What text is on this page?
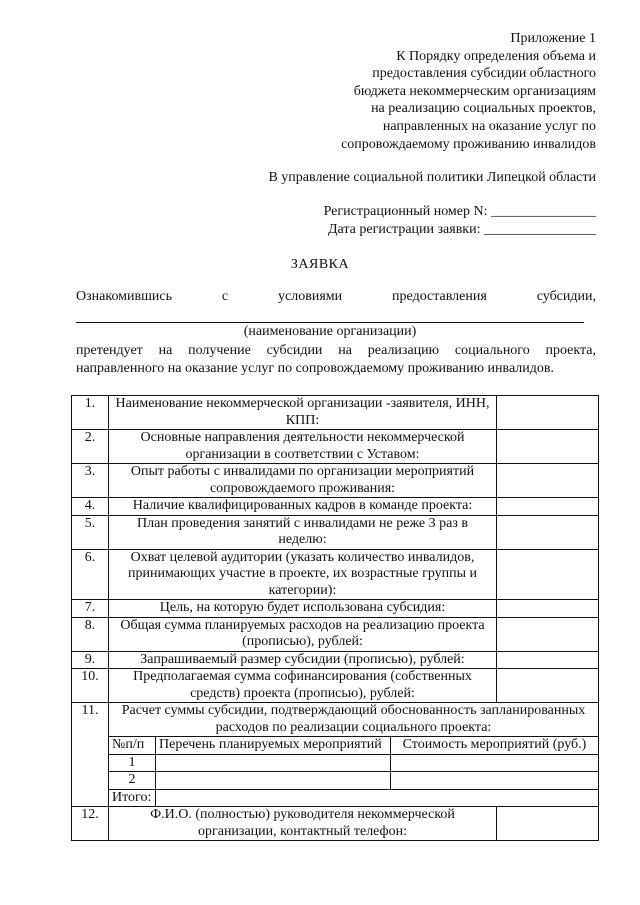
Приложение 1
К Порядку определения объема и
предоставления субсидии областного
бюджета некоммерческим организациям
на реализацию социальных проектов,
направленных на оказание услуг по
сопровождаемому проживанию инвалидов
В управление социальной политики Липецкой области
Регистрационный номер N: _______________
Дата регистрации заявки: ________________
ЗАЯВКА
Ознакомившись	с	условиями	предоставления	субсидии,
(наименование организации)
претендует на получение субсидии на реализацию социального проекта, направленного на оказание услуг по сопровождаемому проживанию инвалидов.
1.	Наименование некоммерческой организации -заявителя, ИНН, КПП:	
2.	Основные направления деятельности некоммерческой организации в соответствии с Уставом:	
3.	Опыт работы с инвалидами по организации мероприятий сопровождаемого проживания:	
4.	Наличие квалифицированных кадров в команде проекта:	
5.	План проведения занятий с инвалидами не реже 3 раз в неделю:	
6.	Охват целевой аудитории (указать количество инвалидов, принимающих участие в проекте, их возрастные группы и категории):	
7.	Цель, на которую будет использована субсидия:	
8.	Общая сумма планируемых расходов на реализацию проекта (прописью), рублей:	
9.	Запрашиваемый размер субсидии (прописью), рублей:	
10.	Предполагаемая сумма софинансирования (собственных средств) проекта (прописью), рублей:	
11.	Расчет суммы субсидии, подтверждающий обоснованность запланированных расходов по реализации социального проекта:
№п/п	Перечень планируемых мероприятий	Стоимость мероприятий (руб.)
1		
2		
Итого:	

12.	Ф.И.О. (полностью) руководителя некоммерческой организации, контактный телефон:	
